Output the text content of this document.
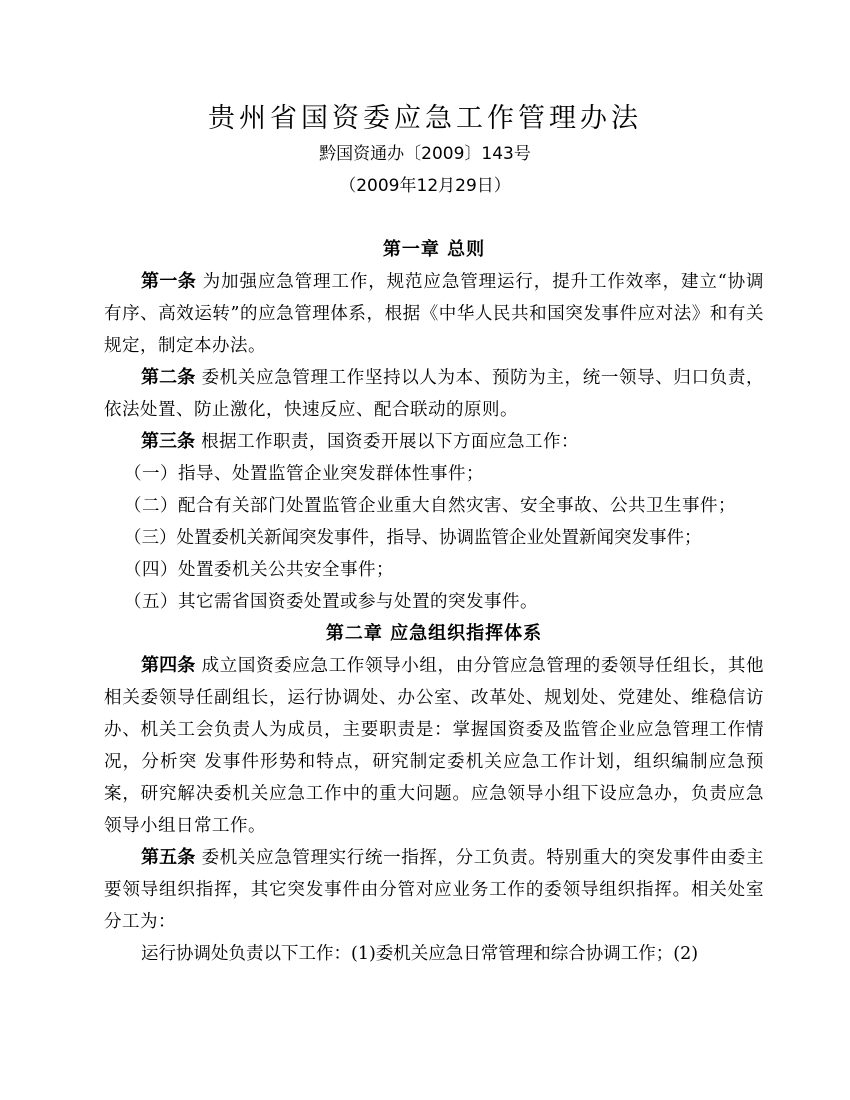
贵州省国资委应急工作管理办法
黔国资通办〔2009〕143号
（2009年12月29日）

第一章 总则

第一条 为加强应急管理工作，规范应急管理运行，提升工作效率，建立“协调有序、高效运转”的应急管理体系，根据《中华人民共和国突发事件应对法》和有关规定，制定本办法。

第二条 委机关应急管理工作坚持以人为本、预防为主，统一领导、归口负责，依法处置、防止激化，快速反应、配合联动的原则。

第三条 根据工作职责，国资委开展以下方面应急工作：

（一）指导、处置监管企业突发群体性事件；

（二）配合有关部门处置监管企业重大自然灾害、安全事故、公共卫生事件；

（三）处置委机关新闻突发事件，指导、协调监管企业处置新闻突发事件；

（四）处置委机关公共安全事件；

（五）其它需省国资委处置或参与处置的突发事件。

第二章 应急组织指挥体系

第四条 成立国资委应急工作领导小组，由分管应急管理的委领导任组长，其他相关委领导任副组长，运行协调处、办公室、改革处、规划处、党建处、维稳信访办、机关工会负责人为成员，主要职责是：掌握国资委及监管企业应急管理工作情况，分析突 发事件形势和特点，研究制定委机关应急工作计划，组织编制应急预案，研究解决委机关应急工作中的重大问题。应急领导小组下设应急办，负责应急领导小组日常工作。

第五条 委机关应急管理实行统一指挥，分工负责。特别重大的突发事件由委主要领导组织指挥，其它突发事件由分管对应业务工作的委领导组织指挥。相关处室分工为：

运行协调处负责以下工作：(1)委机关应急日常管理和综合协调工作；(2)
